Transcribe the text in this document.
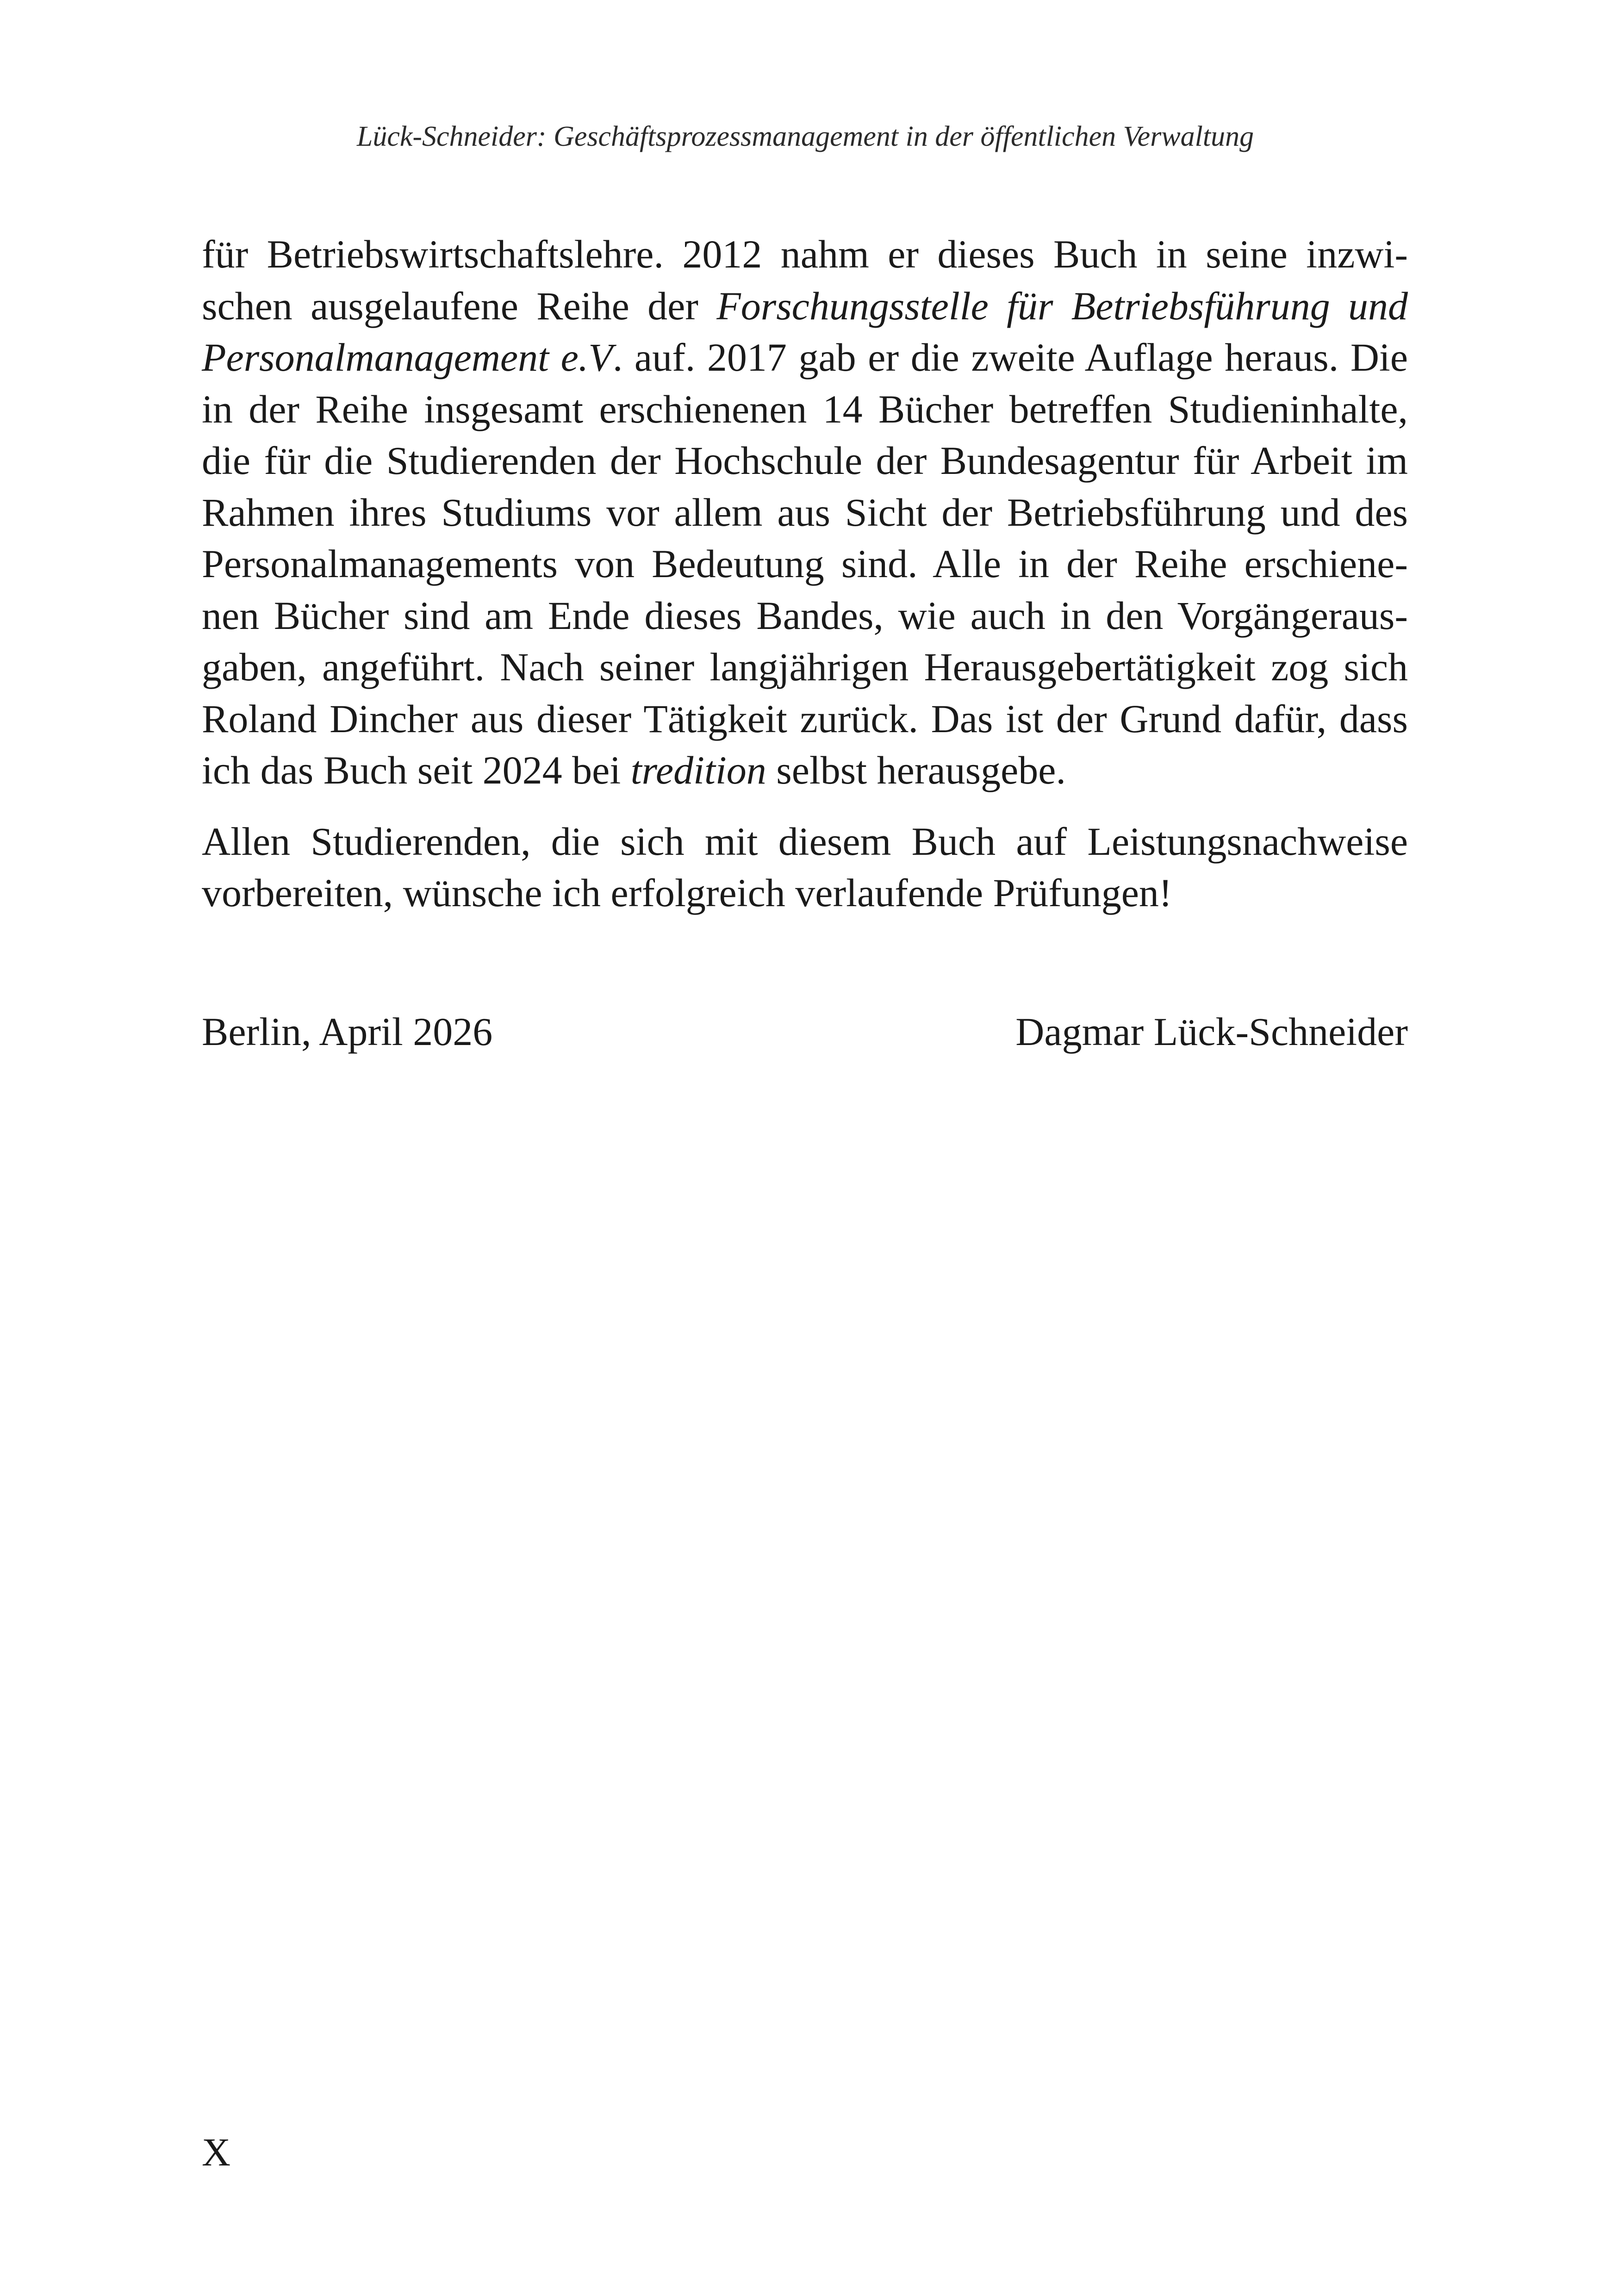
Lück-Schneider: Geschäftsprozessmanagement in der öffentlichen Verwaltung
für Betriebswirtschaftslehre. 2012 nahm er dieses Buch in seine inzwi-
schen ausgelaufene Reihe der Forschungsstelle für Betriebsführung und
Personalmanagement e.V. auf. 2017 gab er die zweite Auflage heraus. Die
in der Reihe insgesamt erschienenen 14 Bücher betreffen Studieninhalte,
die für die Studierenden der Hochschule der Bundesagentur für Arbeit im
Rahmen ihres Studiums vor allem aus Sicht der Betriebsführung und des
Personalmanagements von Bedeutung sind. Alle in der Reihe erschiene-
nen Bücher sind am Ende dieses Bandes, wie auch in den Vorgängeraus-
gaben, angeführt. Nach seiner langjährigen Herausgebertätigkeit zog sich
Roland Dincher aus dieser Tätigkeit zurück. Das ist der Grund dafür, dass
ich das Buch seit 2024 bei tredition selbst herausgebe.
Allen Studierenden, die sich mit diesem Buch auf Leistungsnachweise
vorbereiten, wünsche ich erfolgreich verlaufende Prüfungen!
Berlin, April 2026	Dagmar Lück-Schneider
X
